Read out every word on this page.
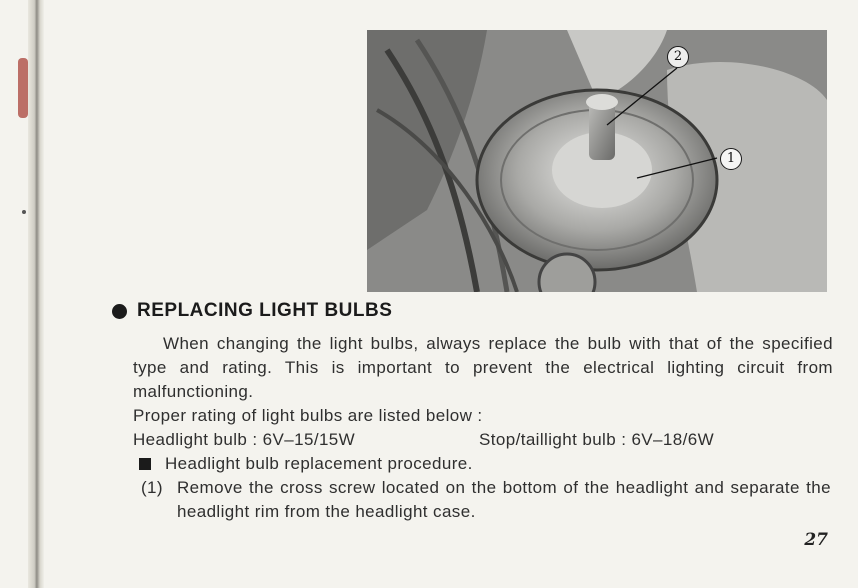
2
1
REPLACING LIGHT BULBS
When changing the light bulbs, always replace the bulb with that of the specified type and rating. This is important to prevent the electrical lighting circuit from malfunctioning.
Proper rating of light bulbs are listed below :
Headlight bulb : 6V–15/15W	Stop/taillight bulb : 6V–18/6W
Headlight bulb replacement procedure.
(1) Remove the cross screw located on the bottom of the headlight and separate the headlight rim from the headlight case.
27
